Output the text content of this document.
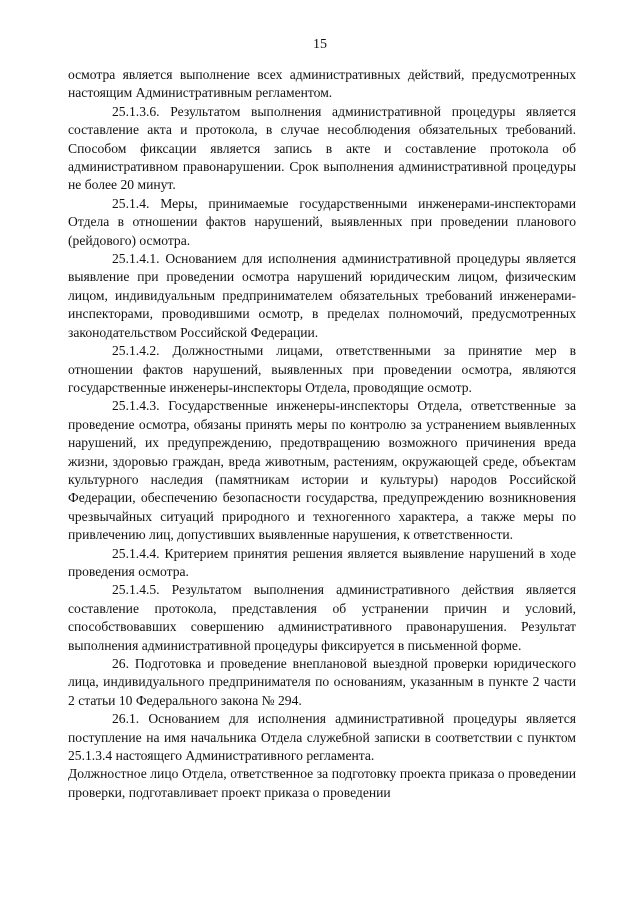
15

осмотра является выполнение всех административных действий, предусмотренных настоящим Административным регламентом.

25.1.3.6. Результатом выполнения административной процедуры является составление акта и протокола, в случае несоблюдения обязательных требований. Способом фиксации является запись в акте и составление протокола об административном правонарушении. Срок выполнения административной процедуры не более 20 минут.

25.1.4. Меры, принимаемые государственными инженерами-инспекторами Отдела в отношении фактов нарушений, выявленных при проведении планового (рейдового) осмотра.

25.1.4.1. Основанием для исполнения административной процедуры является выявление при проведении осмотра нарушений юридическим лицом, физическим лицом, индивидуальным предпринимателем обязательных требований инженерами-инспекторами, проводившими осмотр, в пределах полномочий, предусмотренных законодательством Российской Федерации.

25.1.4.2. Должностными лицами, ответственными за принятие мер в отношении фактов нарушений, выявленных при проведении осмотра, являются государственные инженеры-инспекторы Отдела, проводящие осмотр.

25.1.4.3. Государственные инженеры-инспекторы Отдела, ответственные за проведение осмотра, обязаны принять меры по контролю за устранением выявленных нарушений, их предупреждению, предотвращению возможного причинения вреда жизни, здоровью граждан, вреда животным, растениям, окружающей среде, объектам культурного наследия (памятникам истории и культуры) народов Российской Федерации, обеспечению безопасности государства, предупреждению возникновения чрезвычайных ситуаций природного и техногенного характера, а также меры по привлечению лиц, допустивших выявленные нарушения, к ответственности.

25.1.4.4. Критерием принятия решения является выявление нарушений в ходе проведения осмотра.

25.1.4.5. Результатом выполнения административного действия является составление протокола, представления об устранении причин и условий, способствовавших совершению административного правонарушения. Результат выполнения административной процедуры фиксируется в письменной форме.

26. Подготовка и проведение внеплановой выездной проверки юридического лица, индивидуального предпринимателя по основаниям, указанным в пункте 2 части 2 статьи 10 Федерального закона № 294.

26.1. Основанием для исполнения административной процедуры является поступление на имя начальника Отдела служебной записки в соответствии с пунктом 25.1.3.4 настоящего Административного регламента.

Должностное лицо Отдела, ответственное за подготовку проекта приказа о проведении проверки, подготавливает проект приказа о проведении
